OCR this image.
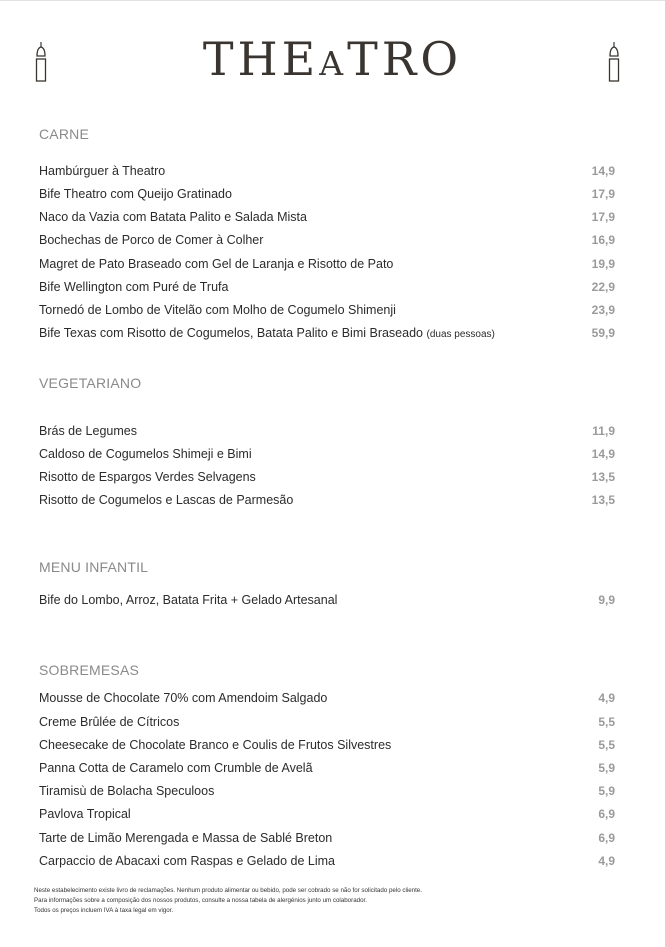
THEATRO
CARNE
Hambúrguer à Theatro	14,9
Bife Theatro com Queijo Gratinado	17,9
Naco da Vazia com Batata Palito e Salada Mista	17,9
Bochechas de Porco de Comer à Colher	16,9
Magret de Pato Braseado com Gel de Laranja e Risotto de Pato	19,9
Bife Wellington com Puré de Trufa	22,9
Tornedó de Lombo de Vitelão com Molho de Cogumelo Shimenji	23,9
Bife Texas com Risotto de Cogumelos, Batata Palito e Bimi Braseado (duas pessoas)	59,9
VEGETARIANO
Brás de Legumes	11,9
Caldoso de Cogumelos Shimeji e Bimi	14,9
Risotto de Espargos Verdes Selvagens	13,5
Risotto de Cogumelos e Lascas de Parmesão	13,5
MENU INFANTIL
Bife do Lombo, Arroz, Batata Frita + Gelado Artesanal	9,9
SOBREMESAS
Mousse de Chocolate 70% com Amendoim Salgado	4,9
Creme Brûlée de Cítricos	5,5
Cheesecake de Chocolate Branco e Coulis de Frutos Silvestres	5,5
Panna Cotta de Caramelo com Crumble de Avelã	5,9
Tiramisù de Bolacha Speculoos	5,9
Pavlova Tropical	6,9
Tarte de Limão Merengada e Massa de Sablé Breton	6,9
Carpaccio de Abacaxi com Raspas e Gelado de Lima	4,9
Neste estabelecimento existe livro de reclamações. Nenhum produto alimentar ou bebido, pode ser cobrado se não for solicitado pelo cliente.
Para informações sobre a composição dos nossos produtos, consulte a nossa tabela de alergénios junto um colaborador.
Todos os preços incluem IVA à taxa legal em vigor.
